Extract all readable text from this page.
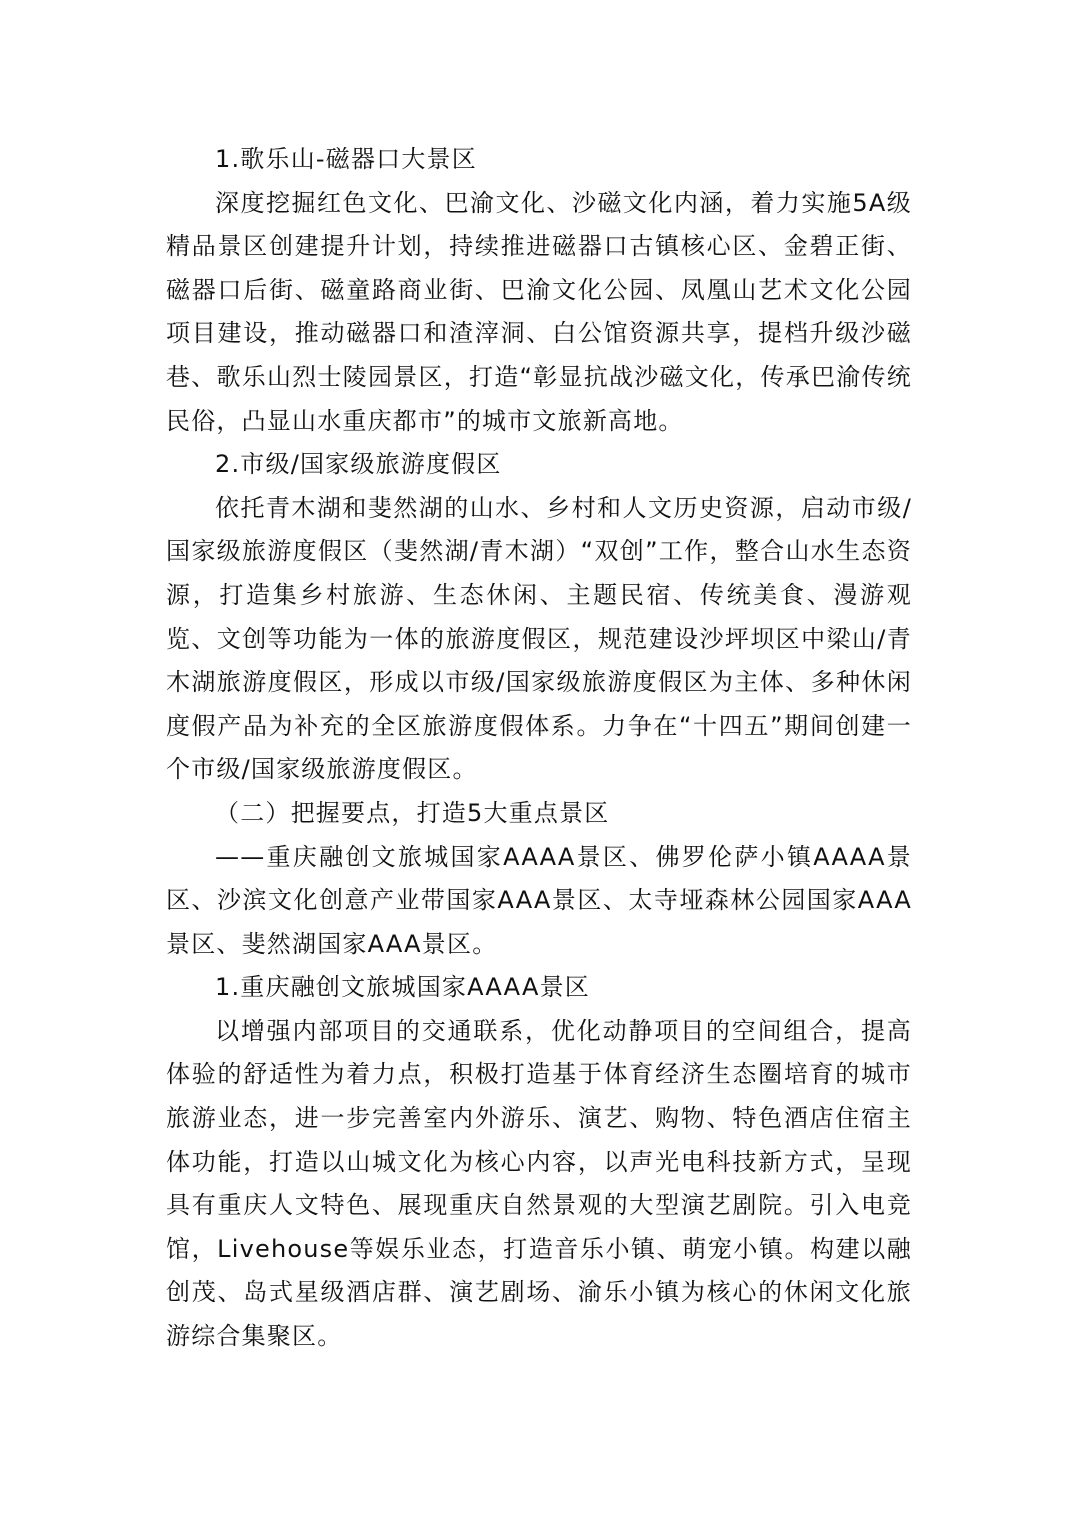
1.歌乐山-磁器口大景区

深度挖掘红色文化、巴渝文化、沙磁文化内涵，着力实施5A级精品景区创建提升计划，持续推进磁器口古镇核心区、金碧正街、磁器口后街、磁童路商业街、巴渝文化公园、凤凰山艺术文化公园项目建设，推动磁器口和渣滓洞、白公馆资源共享，提档升级沙磁巷、歌乐山烈士陵园景区，打造“彰显抗战沙磁文化，传承巴渝传统民俗，凸显山水重庆都市”的城市文旅新高地。

2.市级/国家级旅游度假区

依托青木湖和斐然湖的山水、乡村和人文历史资源，启动市级/国家级旅游度假区（斐然湖/青木湖）“双创”工作，整合山水生态资源，打造集乡村旅游、生态休闲、主题民宿、传统美食、漫游观览、文创等功能为一体的旅游度假区，规范建设沙坪坝区中梁山/青木湖旅游度假区，形成以市级/国家级旅游度假区为主体、多种休闲度假产品为补充的全区旅游度假体系。力争在“十四五”期间创建一个市级/国家级旅游度假区。

（二）把握要点，打造5大重点景区

——重庆融创文旅城国家AAAA景区、佛罗伦萨小镇AAAA景区、沙滨文化创意产业带国家AAA景区、太寺垭森林公园国家AAA景区、斐然湖国家AAA景区。

1.重庆融创文旅城国家AAAA景区

以增强内部项目的交通联系，优化动静项目的空间组合，提高体验的舒适性为着力点，积极打造基于体育经济生态圈培育的城市旅游业态，进一步完善室内外游乐、演艺、购物、特色酒店住宿主体功能，打造以山城文化为核心内容，以声光电科技新方式，呈现具有重庆人文特色、展现重庆自然景观的大型演艺剧院。引入电竞馆，Livehouse等娱乐业态，打造音乐小镇、萌宠小镇。构建以融创茂、岛式星级酒店群、演艺剧场、渝乐小镇为核心的休闲文化旅游综合集聚区。
